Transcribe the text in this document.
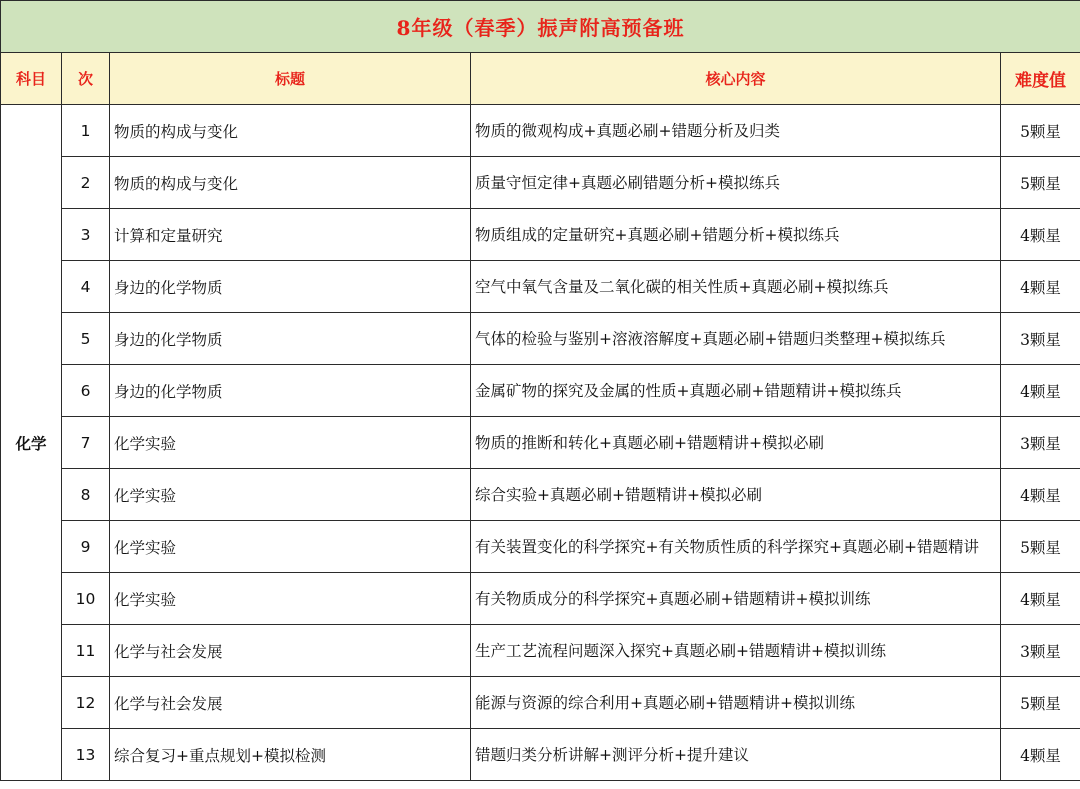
8年级（春季）振声附高预备班				
科目	次	标题	核心内容	难度值
化学	1	物质的构成与变化	物质的微观构成+真题必刷+错题分析及归类	5颗星
	2	物质的构成与变化	质量守恒定律+真题必刷错题分析+模拟练兵	5颗星
	3	计算和定量研究	物质组成的定量研究+真题必刷+错题分析+模拟练兵	4颗星
	4	身边的化学物质	空气中氧气含量及二氧化碳的相关性质+真题必刷+模拟练兵	4颗星
	5	身边的化学物质	气体的检验与鉴别+溶液溶解度+真题必刷+错题归类整理+模拟练兵	3颗星
	6	身边的化学物质	金属矿物的探究及金属的性质+真题必刷+错题精讲+模拟练兵	4颗星
	7	化学实验	物质的推断和转化+真题必刷+错题精讲+模拟必刷	3颗星
	8	化学实验	综合实验+真题必刷+错题精讲+模拟必刷	4颗星
	9	化学实验	有关装置变化的科学探究+有关物质性质的科学探究+真题必刷+错题精讲	5颗星
	10	化学实验	有关物质成分的科学探究+真题必刷+错题精讲+模拟训练	4颗星
	11	化学与社会发展	生产工艺流程问题深入探究+真题必刷+错题精讲+模拟训练	3颗星
	12	化学与社会发展	能源与资源的综合利用+真题必刷+错题精讲+模拟训练	5颗星
	13	综合复习+重点规划+模拟检测	错题归类分析讲解+测评分析+提升建议	4颗星
